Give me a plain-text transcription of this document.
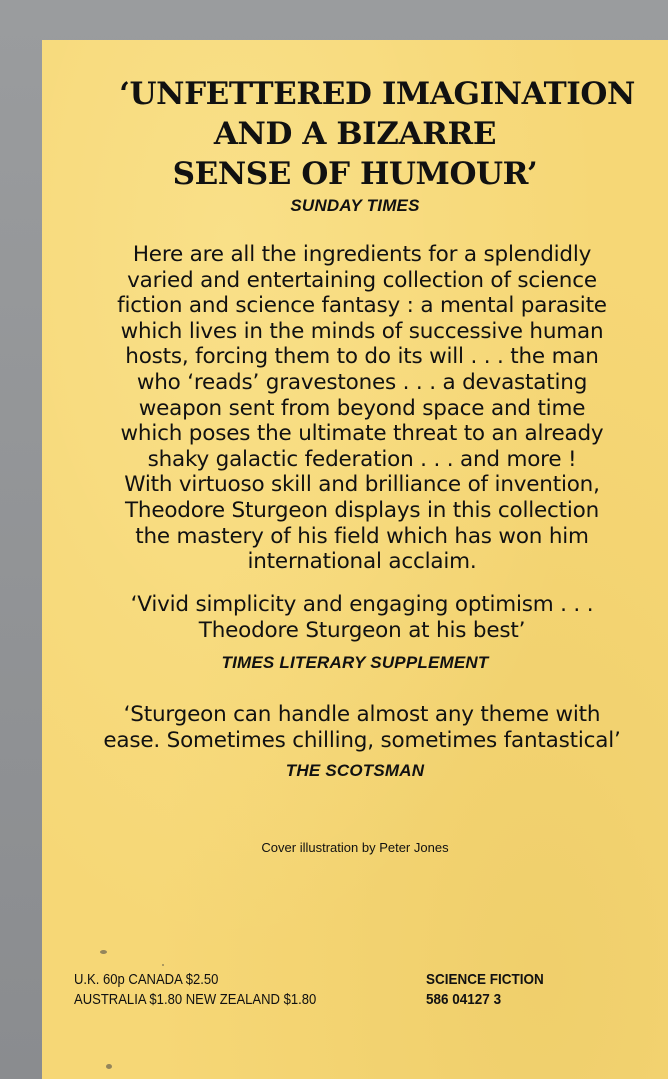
‘UNFETTERED IMAGINATION
AND A BIZARRE
SENSE OF HUMOUR’
SUNDAY TIMES
Here are all the ingredients for a splendidly
varied and entertaining collection of science
fiction and science fantasy : a mental parasite
which lives in the minds of successive human
hosts, forcing them to do its will . . . the man
who ‘reads’ gravestones . . . a devastating
weapon sent from beyond space and time
which poses the ultimate threat to an already
shaky galactic federation . . . and more !
With virtuoso skill and brilliance of invention,
Theodore Sturgeon displays in this collection
the mastery of his field which has won him
international acclaim.
‘Vivid simplicity and engaging optimism . . .
Theodore Sturgeon at his best’
TIMES LITERARY SUPPLEMENT
‘Sturgeon can handle almost any theme with
ease. Sometimes chilling, sometimes fantastical’
THE SCOTSMAN
Cover illustration by Peter Jones
U.K. 60p CANADA $2.50
AUSTRALIA $1.80 NEW ZEALAND $1.80
SCIENCE FICTION
586 04127 3
